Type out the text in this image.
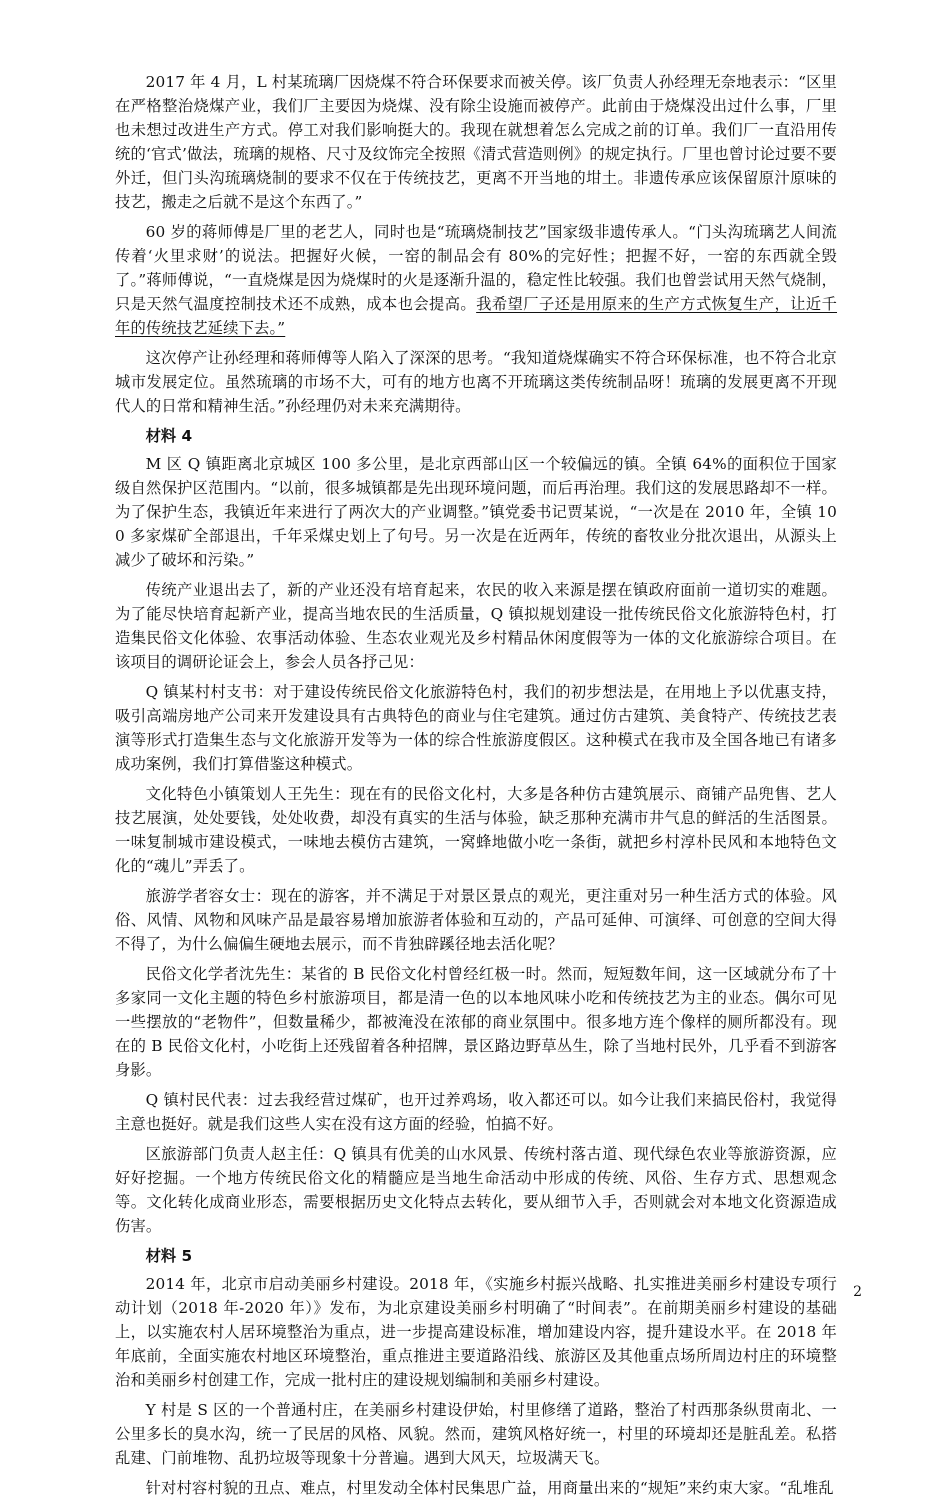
2017 年 4 月，L 村某琉璃厂因烧煤不符合环保要求而被关停。该厂负责人孙经理无奈地表示：“区里在严格整治烧煤产业，我们厂主要因为烧煤、没有除尘设施而被停产。此前由于烧煤没出过什么事，厂里也未想过改进生产方式。停工对我们影响挺大的。我现在就想着怎么完成之前的订单。我们厂一直沿用传统的‘官式’做法，琉璃的规格、尺寸及纹饰完全按照《清式营造则例》的规定执行。厂里也曾讨论过要不要外迁，但门头沟琉璃烧制的要求不仅在于传统技艺，更离不开当地的坩土。非遗传承应该保留原汁原味的技艺，搬走之后就不是这个东西了。”

60 岁的蒋师傅是厂里的老艺人，同时也是“琉璃烧制技艺”国家级非遗传承人。“门头沟琉璃艺人间流传着‘火里求财’的说法。把握好火候，一窑的制品会有 80%的完好性；把握不好，一窑的东西就全毁了。”蒋师傅说，“一直烧煤是因为烧煤时的火是逐渐升温的，稳定性比较强。我们也曾尝试用天然气烧制，只是天然气温度控制技术还不成熟，成本也会提高。我希望厂子还是用原来的生产方式恢复生产，让近千年的传统技艺延续下去。”

这次停产让孙经理和蒋师傅等人陷入了深深的思考。“我知道烧煤确实不符合环保标准，也不符合北京城市发展定位。虽然琉璃的市场不大，可有的地方也离不开琉璃这类传统制品呀！琉璃的发展更离不开现代人的日常和精神生活。”孙经理仍对未来充满期待。

材料 4

M 区 Q 镇距离北京城区 100 多公里，是北京西部山区一个较偏远的镇。全镇 64%的面积位于国家级自然保护区范围内。“以前，很多城镇都是先出现环境问题，而后再治理。我们这的发展思路却不一样。为了保护生态，我镇近年来进行了两次大的产业调整。”镇党委书记贾某说，“一次是在 2010 年，全镇 100 多家煤矿全部退出，千年采煤史划上了句号。另一次是在近两年，传统的畜牧业分批次退出，从源头上减少了破坏和污染。”

传统产业退出去了，新的产业还没有培育起来，农民的收入来源是摆在镇政府面前一道切实的难题。为了能尽快培育起新产业，提高当地农民的生活质量，Q 镇拟规划建设一批传统民俗文化旅游特色村，打造集民俗文化体验、农事活动体验、生态农业观光及乡村精品休闲度假等为一体的文化旅游综合项目。在该项目的调研论证会上，参会人员各抒己见：

Q 镇某村村支书：对于建设传统民俗文化旅游特色村，我们的初步想法是，在用地上予以优惠支持，吸引高端房地产公司来开发建设具有古典特色的商业与住宅建筑。通过仿古建筑、美食特产、传统技艺表演等形式打造集生态与文化旅游开发等为一体的综合性旅游度假区。这种模式在我市及全国各地已有诸多成功案例，我们打算借鉴这种模式。

文化特色小镇策划人王先生：现在有的民俗文化村，大多是各种仿古建筑展示、商铺产品兜售、艺人技艺展演，处处要钱，处处收费，却没有真实的生活与体验，缺乏那种充满市井气息的鲜活的生活图景。一味复制城市建设模式，一味地去模仿古建筑，一窝蜂地做小吃一条街，就把乡村淳朴民风和本地特色文化的“魂儿”弄丢了。

旅游学者容女士：现在的游客，并不满足于对景区景点的观光，更注重对另一种生活方式的体验。风俗、风情、风物和风味产品是最容易增加旅游者体验和互动的，产品可延伸、可演绎、可创意的空间大得不得了，为什么偏偏生硬地去展示，而不肯独辟蹊径地去活化呢？

民俗文化学者沈先生：某省的 B 民俗文化村曾经红极一时。然而，短短数年间，这一区域就分布了十多家同一文化主题的特色乡村旅游项目，都是清一色的以本地风味小吃和传统技艺为主的业态。偶尔可见一些摆放的“老物件”，但数量稀少，都被淹没在浓郁的商业氛围中。很多地方连个像样的厕所都没有。现在的 B 民俗文化村，小吃街上还残留着各种招牌，景区路边野草丛生，除了当地村民外，几乎看不到游客身影。

Q 镇村民代表：过去我经营过煤矿，也开过养鸡场，收入都还可以。如今让我们来搞民俗村，我觉得主意也挺好。就是我们这些人实在没有这方面的经验，怕搞不好。

区旅游部门负责人赵主任：Q 镇具有优美的山水风景、传统村落古道、现代绿色农业等旅游资源，应好好挖掘。一个地方传统民俗文化的精髓应是当地生命活动中形成的传统、风俗、生存方式、思想观念等。文化转化成商业形态，需要根据历史文化特点去转化，要从细节入手，否则就会对本地文化资源造成伤害。

材料 5

2014 年，北京市启动美丽乡村建设。2018 年，《实施乡村振兴战略、扎实推进美丽乡村建设专项行动计划（2018 年-2020 年）》发布，为北京建设美丽乡村明确了“时间表”。在前期美丽乡村建设的基础上，以实施农村人居环境整治为重点，进一步提高建设标准，增加建设内容，提升建设水平。在 2018 年年底前，全面实施农村地区环境整治，重点推进主要道路沿线、旅游区及其他重点场所周边村庄的环境整治和美丽乡村创建工作，完成一批村庄的建设规划编制和美丽乡村建设。

Y 村是 S 区的一个普通村庄，在美丽乡村建设伊始，村里修缮了道路，整治了村西那条纵贯南北、一公里多长的臭水沟，统一了民居的风格、风貌。然而，建筑风格好统一，村里的环境却还是脏乱差。私搭乱建、门前堆物、乱扔垃圾等现象十分普遍。遇到大风天，垃圾满天飞。

针对村容村貌的丑点、难点，村里发动全体村民集思广益，用商量出来的“规矩”来约束大家。“乱堆乱

2
